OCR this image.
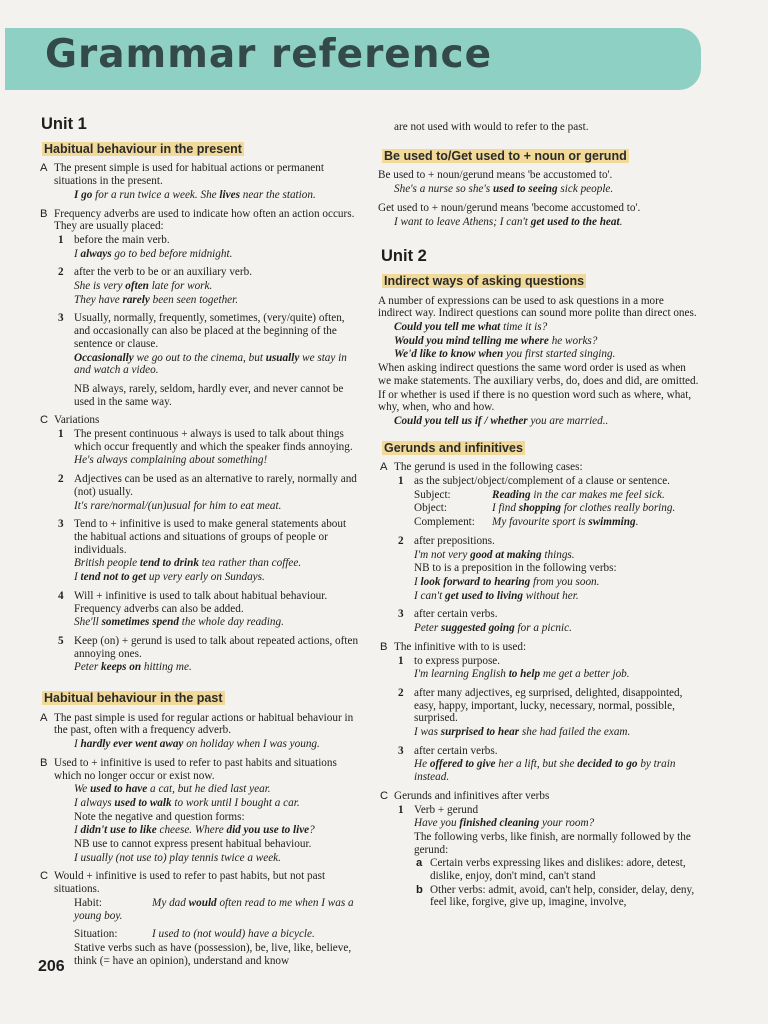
Grammar reference
Unit 1
Habitual behaviour in the present
A The present simple is used for habitual actions or permanent situations in the present.
I go for a run twice a week. She lives near the station.
B Frequency adverbs are used to indicate how often an action occurs. They are usually placed:
1 before the main verb.
I always go to bed before midnight.
2 after the verb to be or an auxiliary verb.
She is very often late for work.
They have rarely been seen together.
3 Usually, normally, frequently, sometimes, (very/quite) often, and occasionally can also be placed at the beginning of the sentence or clause.
Occasionally we go out to the cinema, but usually we stay in and watch a video.
NB always, rarely, seldom, hardly ever, and never cannot be used in the same way.
C Variations
1 The present continuous + always is used to talk about things which occur frequently and which the speaker finds annoying.
He's always complaining about something!
2 Adjectives can be used as an alternative to rarely, normally and (not) usually.
It's rare/normal/(un)usual for him to eat meat.
3 Tend to + infinitive is used to make general statements about the habitual actions and situations of groups of people or individuals.
British people tend to drink tea rather than coffee.
I tend not to get up very early on Sundays.
4 Will + infinitive is used to talk about habitual behaviour. Frequency adverbs can also be added.
She'll sometimes spend the whole day reading.
5 Keep (on) + gerund is used to talk about repeated actions, often annoying ones.
Peter keeps on hitting me.
Habitual behaviour in the past
A The past simple is used for regular actions or habitual behaviour in the past, often with a frequency adverb.
I hardly ever went away on holiday when I was young.
B Used to + infinitive is used to refer to past habits and situations which no longer occur or exist now.
We used to have a cat, but he died last year.
I always used to walk to work until I bought a car.
Note the negative and question forms:
I didn't use to like cheese. Where did you use to live?
NB use to cannot express present habitual behaviour.
I usually (not use to) play tennis twice a week.
C Would + infinitive is used to refer to past habits, but not past situations.
Habit:	My dad would often read to me when I was a young boy.
Situation:	I used to (not would) have a bicycle.
Stative verbs such as have (possession), be, live, like, believe, think (= have an opinion), understand and know
are not used with would to refer to the past.
Be used to/Get used to + noun or gerund
Be used to + noun/gerund means 'be accustomed to'.
She's a nurse so she's used to seeing sick people.
Get used to + noun/gerund means 'become accustomed to'.
I want to leave Athens; I can't get used to the heat.
Unit 2
Indirect ways of asking questions
A number of expressions can be used to ask questions in a more indirect way. Indirect questions can sound more polite than direct ones.
Could you tell me what time it is?
Would you mind telling me where he works?
We'd like to know when you first started singing.
When asking indirect questions the same word order is used as when we make statements. The auxiliary verbs, do, does and did, are omitted.
If or whether is used if there is no question word such as where, what, why, when, who and how.
Could you tell us if / whether you are married..
Gerunds and infinitives
A The gerund is used in the following cases:
1 as the subject/object/complement of a clause or sentence.
Subject:	Reading in the car makes me feel sick.
Object:	I find shopping for clothes really boring.
Complement: My favourite sport is swimming.
2 after prepositions.
I'm not very good at making things.
NB to is a preposition in the following verbs:
I look forward to hearing from you soon.
I can't get used to living without her.
3 after certain verbs.
Peter suggested going for a picnic.
B The infinitive with to is used:
1 to express purpose.
I'm learning English to help me get a better job.
2 after many adjectives, eg surprised, delighted, disappointed, easy, happy, important, lucky, necessary, normal, possible, surprised.
I was surprised to hear she had failed the exam.
3 after certain verbs.
He offered to give her a lift, but she decided to go by train instead.
C Gerunds and infinitives after verbs
1 Verb + gerund
Have you finished cleaning your room?
The following verbs, like finish, are normally followed by the gerund:
a Certain verbs expressing likes and dislikes: adore, detest, dislike, enjoy, don't mind, can't stand
b Other verbs: admit, avoid, can't help, consider, delay, deny, feel like, forgive, give up, imagine, involve,
206
